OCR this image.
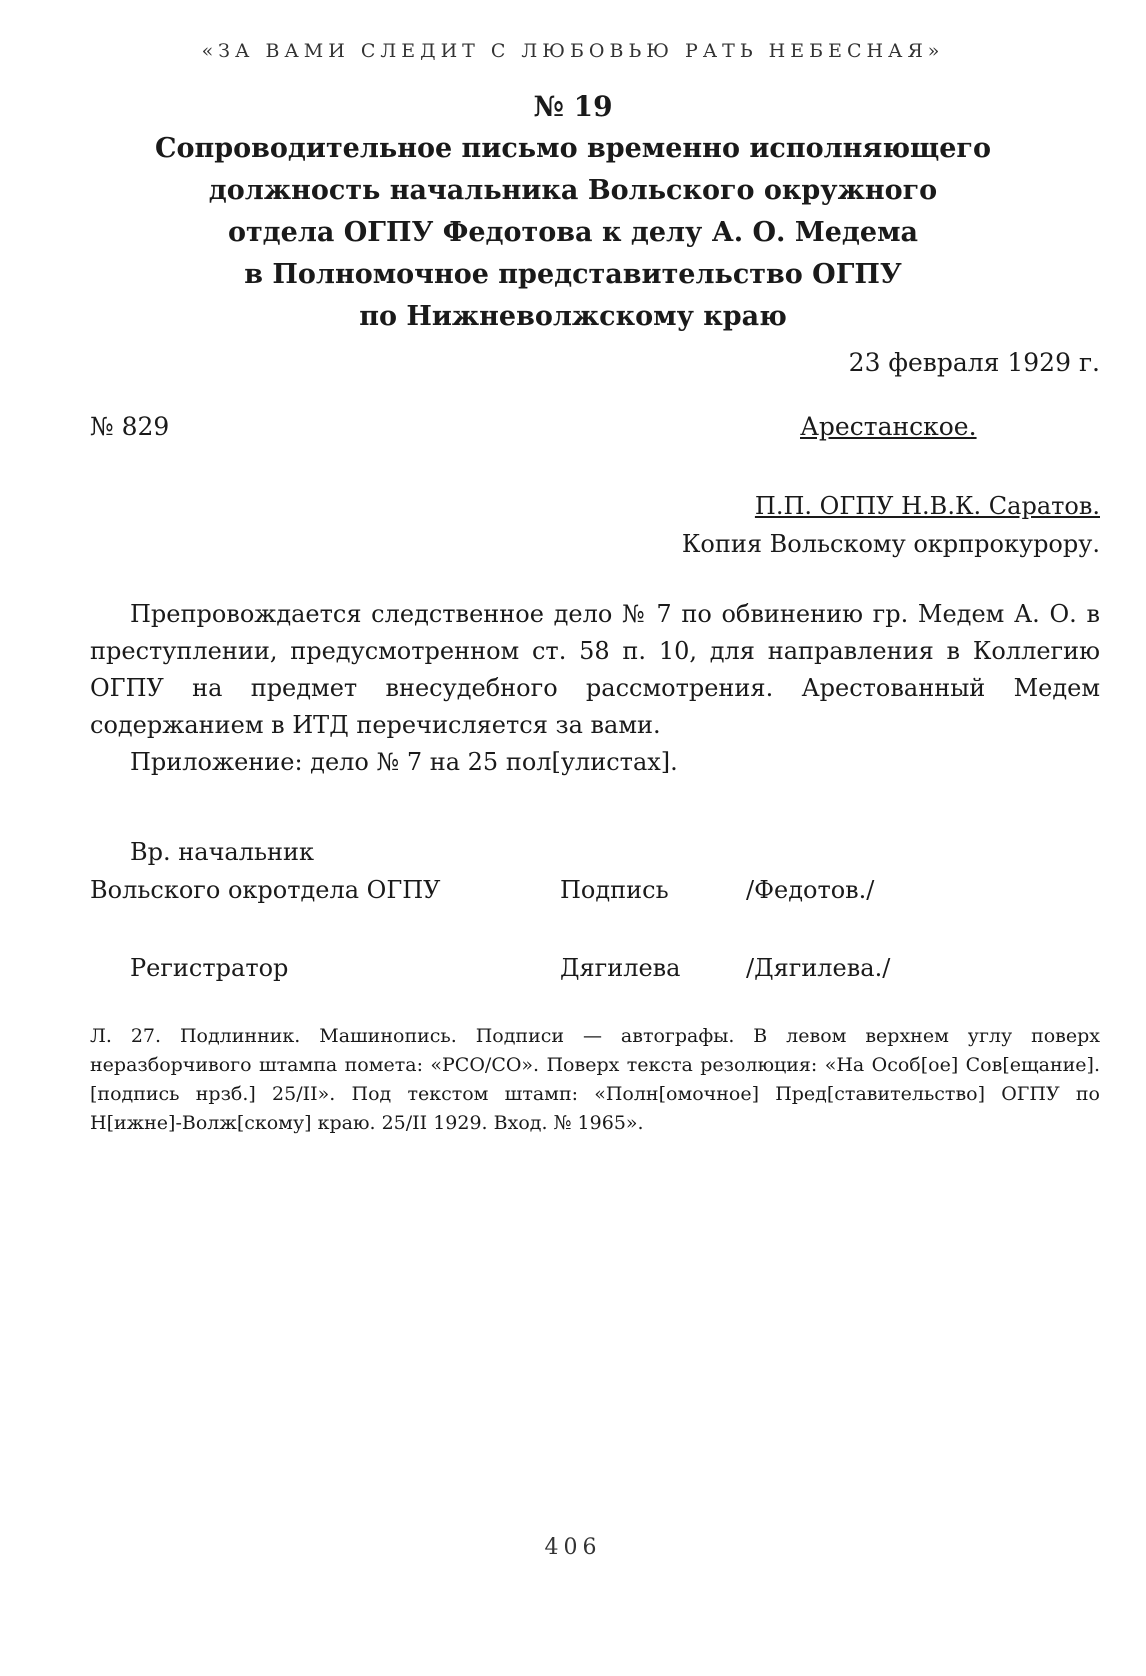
«ЗА ВАМИ СЛЕДИТ С ЛЮБОВЬЮ РАТЬ НЕБЕСНАЯ»
№ 19
Сопроводительное письмо временно исполняющего
должность начальника Вольского окружного
отдела ОГПУ Федотова к делу А. О. Медема
в Полномочное представительство ОГПУ
по Нижневолжскому краю
23 февраля 1929 г.
№ 829	Арестанское.
П.П. ОГПУ Н.В.К. Саратов.
Копия Вольскому окрпрокурору.

Препровождается следственное дело № 7 по обвинению гр. Медем А. О. в преступлении, предусмотренном ст. 58 п. 10, для направления в Коллегию ОГПУ на предмет внесудебного рассмотрения. Арестованный Медем содержанием в ИТД перечисляется за вами.

Приложение: дело № 7 на 25 пол[улистах].

Вр. начальник
Вольского окротдела ОГПУ	Подпись	/Федотов./
Регистратор	Дягилева	/Дягилева./

Л. 27. Подлинник. Машинопись. Подписи — автографы. В левом верхнем углу поверх неразборчивого штампа помета: «РСО/СО». Поверх текста резолюция: «На Особ[ое] Сов[ещание]. [подпись нрзб.] 25/II». Под текстом штамп: «Полн[омочное] Пред[ставительство] ОГПУ по Н[ижне]-Волж[скому] краю. 25/II 1929. Вход. № 1965».

406
